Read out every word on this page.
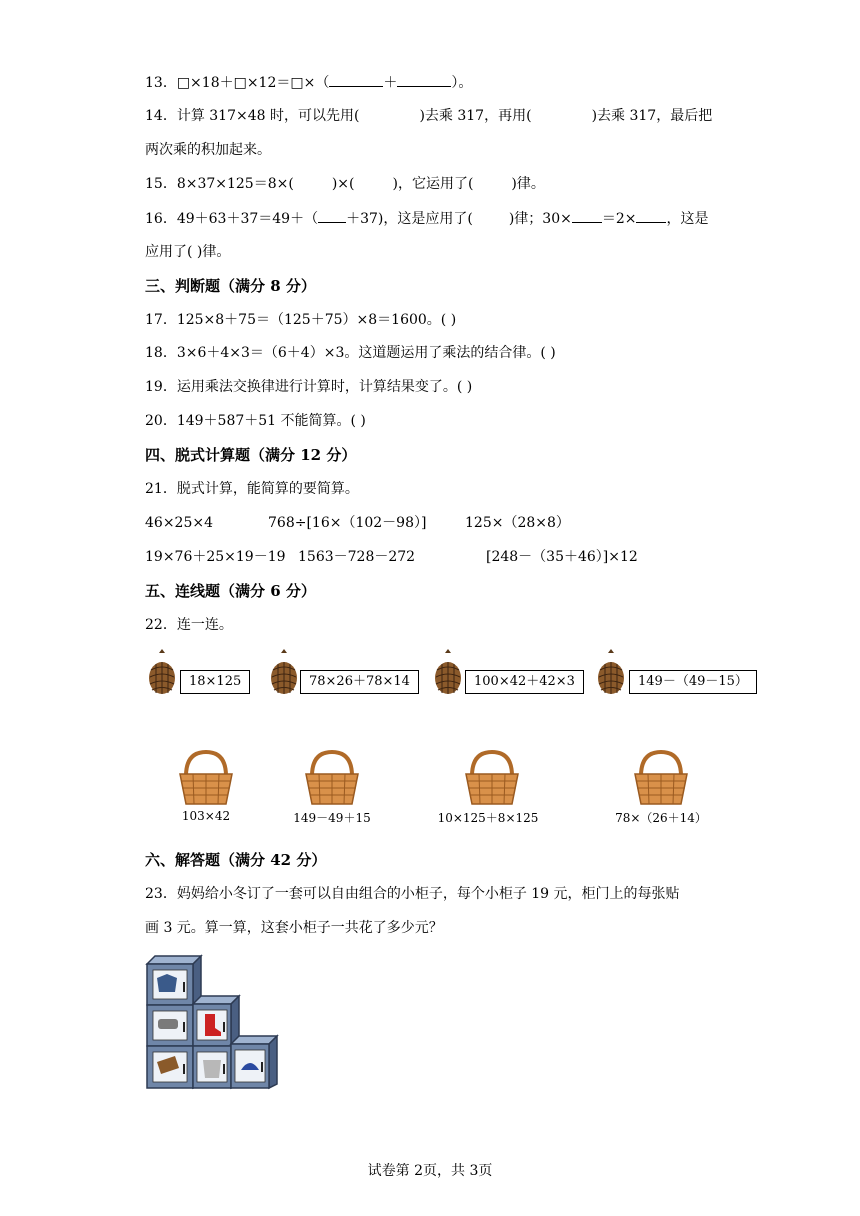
13．□×18＋□×12＝□×（	＋	）。
14．计算 317×48 时，可以先用(	)去乘 317，再用(	)去乘 317，最后把
两次乘的积加起来。
15．8×37×125＝8×(	)×(	)，它运用了(	)律。
16．49＋63＋37＝49＋（ ＋37)，这是应用了(	)律；30× ＝2× ，这是
应用了( )律。
三、判断题（满分 8 分）
17．125×8＋75＝（125＋75）×8＝1600。( )
18．3×6＋4×3＝（6＋4）×3。这道题运用了乘法的结合律。( )
19．运用乘法交换律进行计算时，计算结果变了。( )
20．149＋587＋51 不能简算。( )
四、脱式计算题（满分 12 分）
21．脱式计算，能简算的要简算。
46×25×4	768÷[16×（102－98）]	125×（28×8）
19×76＋25×19－19 1563－728－272	[248－（35＋46）]×12
五、连线题（满分 6 分）
22．连一连。
18×125	78×26＋78×14	100×42＋42×3	149－（49－15）
103×42	149－49＋15	10×125＋8×125	78×（26＋14）
六、解答题（满分 42 分）
23．妈妈给小冬订了一套可以自由组合的小柜子，每个小柜子 19 元，柜门上的每张贴
画 3 元。算一算，这套小柜子一共花了多少元？
试卷第 2页，共 3页
